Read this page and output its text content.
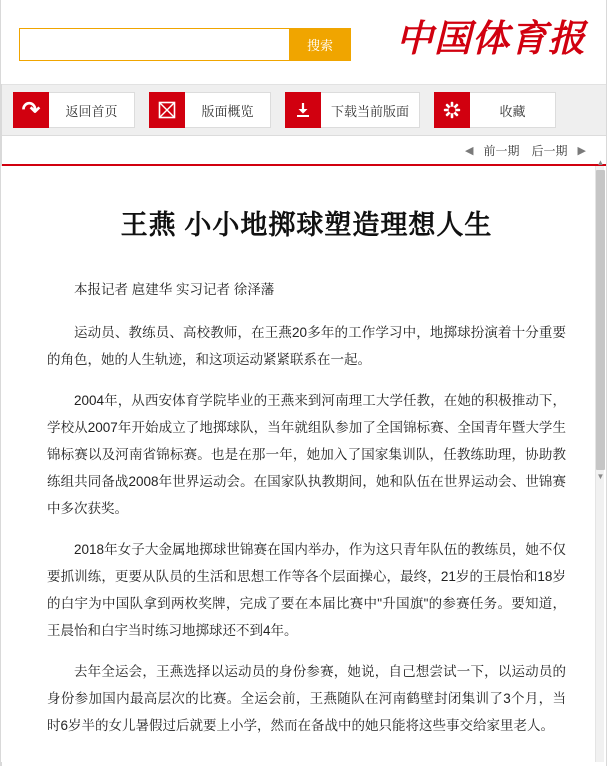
搜索	中国体育报
↷
返回首页	版面概览	下载当前版面	收藏
◀ 前一期	后一期 ▶
王燕 小小地掷球塑造理想人生

本报记者 扈建华 实习记者 徐泽藩

运动员、教练员、高校教师，在王燕20多年的工作学习中，地掷球扮演着十分重要的角色，她的人生轨迹，和这项运动紧紧联系在一起。

2004年，从西安体育学院毕业的王燕来到河南理工大学任教，在她的积极推动下，学校从2007年开始成立了地掷球队，当年就组队参加了全国锦标赛、全国青年暨大学生锦标赛以及河南省锦标赛。也是在那一年，她加入了国家集训队，任教练助理，协助教练组共同备战2008年世界运动会。在国家队执教期间，她和队伍在世界运动会、世锦赛中多次获奖。

2018年女子大金属地掷球世锦赛在国内举办，作为这只青年队伍的教练员，她不仅要抓训练，更要从队员的生活和思想工作等各个层面操心，最终，21岁的王晨怡和18岁的白宇为中国队拿到两枚奖牌，完成了要在本届比赛中"升国旗"的参赛任务。要知道，王晨怡和白宇当时练习地掷球还不到4年。

去年全运会，王燕选择以运动员的身份参赛，她说，自己想尝试一下，以运动员的身份参加国内最高层次的比赛。全运会前，王燕随队在河南鹤壁封闭集训了3个月，当时6岁半的女儿暑假过后就要上小学，然而在备战中的她只能将这些事交给家里老人。

▲
▼
